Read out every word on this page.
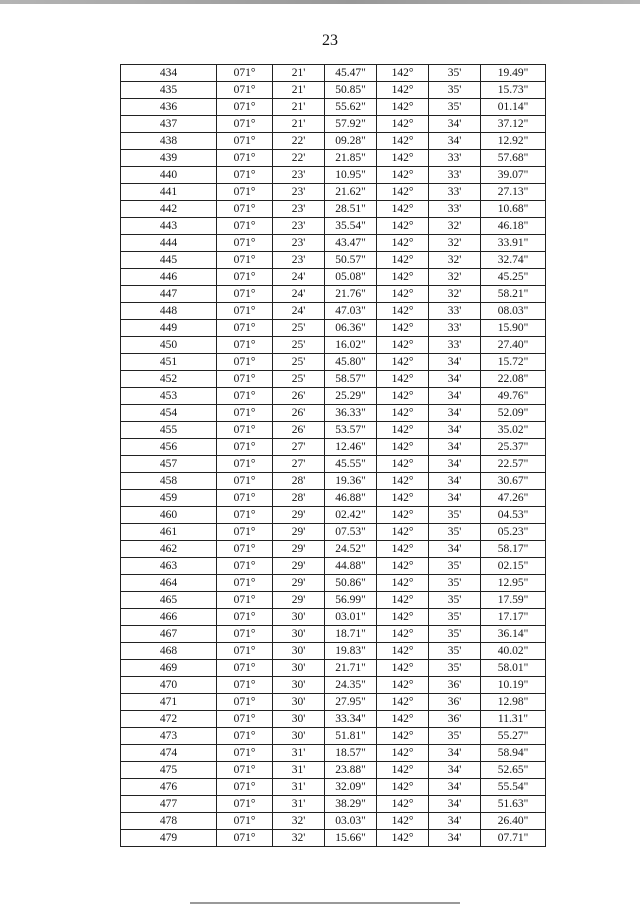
23
434	071°	21'	45.47"	142°	35'	19.49"
435	071°	21'	50.85"	142°	35'	15.73"
436	071°	21'	55.62"	142°	35'	01.14"
437	071°	21'	57.92"	142°	34'	37.12"
438	071°	22'	09.28"	142°	34'	12.92"
439	071°	22'	21.85"	142°	33'	57.68"
440	071°	23'	10.95"	142°	33'	39.07"
441	071°	23'	21.62"	142°	33'	27.13"
442	071°	23'	28.51"	142°	33'	10.68"
443	071°	23'	35.54"	142°	32'	46.18"
444	071°	23'	43.47"	142°	32'	33.91"
445	071°	23'	50.57"	142°	32'	32.74"
446	071°	24'	05.08"	142°	32'	45.25"
447	071°	24'	21.76"	142°	32'	58.21"
448	071°	24'	47.03"	142°	33'	08.03"
449	071°	25'	06.36"	142°	33'	15.90"
450	071°	25'	16.02"	142°	33'	27.40"
451	071°	25'	45.80"	142°	34'	15.72"
452	071°	25'	58.57"	142°	34'	22.08"
453	071°	26'	25.29"	142°	34'	49.76"
454	071°	26'	36.33"	142°	34'	52.09"
455	071°	26'	53.57"	142°	34'	35.02"
456	071°	27'	12.46"	142°	34'	25.37"
457	071°	27'	45.55"	142°	34'	22.57"
458	071°	28'	19.36"	142°	34'	30.67"
459	071°	28'	46.88"	142°	34'	47.26"
460	071°	29'	02.42"	142°	35'	04.53"
461	071°	29'	07.53"	142°	35'	05.23"
462	071°	29'	24.52"	142°	34'	58.17"
463	071°	29'	44.88"	142°	35'	02.15"
464	071°	29'	50.86"	142°	35'	12.95"
465	071°	29'	56.99"	142°	35'	17.59"
466	071°	30'	03.01"	142°	35'	17.17"
467	071°	30'	18.71"	142°	35'	36.14"
468	071°	30'	19.83"	142°	35'	40.02"
469	071°	30'	21.71"	142°	35'	58.01"
470	071°	30'	24.35"	142°	36'	10.19"
471	071°	30'	27.95"	142°	36'	12.98"
472	071°	30'	33.34"	142°	36'	11.31"
473	071°	30'	51.81"	142°	35'	55.27"
474	071°	31'	18.57"	142°	34'	58.94"
475	071°	31'	23.88"	142°	34'	52.65"
476	071°	31'	32.09"	142°	34'	55.54"
477	071°	31'	38.29"	142°	34'	51.63"
478	071°	32'	03.03"	142°	34'	26.40"
479	071°	32'	15.66"	142°	34'	07.71"
